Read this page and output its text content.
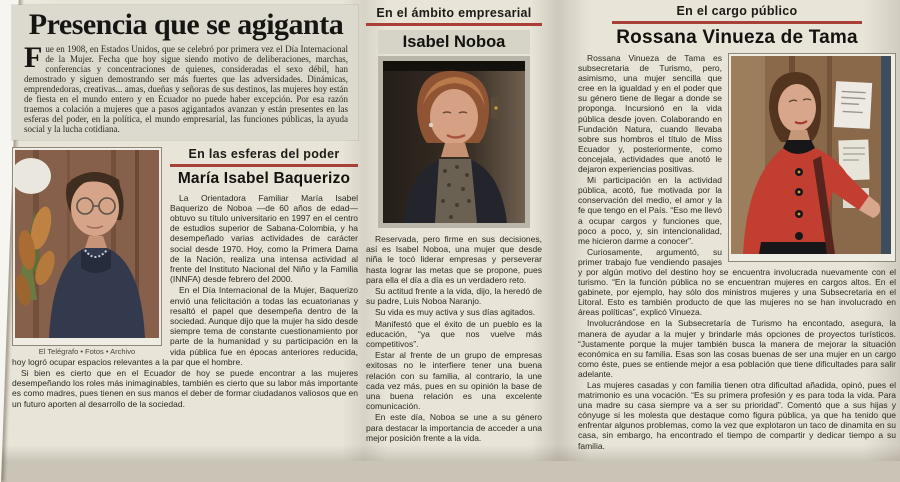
Presencia que se agiganta
Fue en 1908, en Estados Unidos, que se celebró por primera vez el Día Internacional de la Mujer. Fecha que hoy sigue siendo motivo de deliberaciones, marchas, conferencias y concentraciones de quienes, consideradas el sexo débil, han demostrado y siguen demostrando ser más fuertes que las adversidades. Dinámicas, emprendedoras, creativas... amas, dueñas y señoras de sus destinos, las mujeres hoy están de fiesta en el mundo entero y en Ecuador no puede haber excepción. Por esa razón traemos a colación a mujeres que a pasos agigantados avanzan y están presentes en las esferas del poder, en la política, el mundo empresarial, las funciones públicas, la ayuda social y la lucha cotidiana.
El Telégrafo • Fotos • Archivo
En las esferas del poder
María Isabel Baquerizo

La Orientadora Familiar María Isabel Baquerizo de Noboa —de 60 años de edad— obtuvo su título universitario en 1997 en el centro de estudios superior de Sabana-Colombia, y ha desempeñado varias actividades de carácter social desde 1970. Hoy, como la Primera Dama de la Nación, realiza una intensa actividad al frente del Instituto Nacional del Niño y la Familia (INNFA) desde febrero del 2000.

En el Día Internacional de la Mujer, Baquerizo envió una felicitación a todas las ecuatorianas y resaltó el papel que desempeña dentro de la sociedad. Aunque dijo que la mujer ha sido desde siempre tema de constante cuestionamiento por parte de la humanidad y su participación en la vida pública fue en épocas anteriores reducida, hoy logró ocupar espacios relevantes a la par que el hombre.

Si bien es cierto que en el Ecuador de hoy se puede encontrar a las mujeres desempeñando los roles más inimaginables, también es cierto que su labor más importante es como madres, pues tienen en sus manos el deber de formar ciudadanos valiosos que en un futuro aporten al desarrollo de la sociedad.

En el ámbito empresarial
Isabel Noboa

Reservada, pero firme en sus decisiones, así es Isabel Noboa, una mujer que desde niña le tocó liderar empresas y perseverar hasta lograr las metas que se propone, pues para ella el día a día es un verdadero reto.

Su actitud frente a la vida, dijo, la heredó de su padre, Luis Noboa Naranjo.

Su vida es muy activa y sus días agitados.

Manifestó que el éxito de un pueblo es la educación, “ya que nos vuelve más competitivos”.

Estar al frente de un grupo de empresas exitosas no le interfiere tener una buena relación con su familia, al contrario, la une cada vez más, pues en su opinión la base de una buena relación es una excelente comunicación.

En este día, Noboa se une a su género para destacar la importancia de acceder a una mejor posición frente a la vida.

En el cargo público
Rossana Vinueza de Tama

Rossana Vinueza de Tama es subsecretaria de Turismo, pero, asimismo, una mujer sencilla que cree en la igualdad y en el poder que su género tiene de llegar a donde se proponga. Incursionó en la vida pública desde joven. Colaborando en Fundación Natura, cuando llevaba sobre sus hombros el título de Miss Ecuador y, posteriormente, como concejala, actividades que anotó le dejaron experiencias positivas.

Mi participación en la actividad pública, acotó, fue motivada por la conservación del medio, el amor y la fe que tengo en el País. “Eso me llevó a ocupar cargos y funciones que, poco a poco, y, sin intencionalidad, me hicieron darme a conocer”.

Curiosamente, argumentó, su primer trabajo fue vendiendo pasajes y por algún motivo del destino hoy se encuentra involucrada nuevamente con el turismo. “En la función pública no se encuentran mujeres en cargos altos. En el gabinete, por ejemplo, hay sólo dos ministros mujeres y una Subsecretaria en el Litoral. Esto es también producto de que las mujeres no se han involucrado en áreas políticas”, explicó Vinueza.

Involucrándose en la Subsecretaría de Turismo ha encontado, asegura, la manera de ayudar a la mujer y brindarle más opciones de proyectos turísticos. “Justamente porque la mujer también busca la manera de mejorar la situación económica en su familia. Esas son las cosas buenas de ser una mujer en un cargo como éste, pues se entiende mejor a esa población que tiene dificultades para salir adelante.

Las mujeres casadas y con familia tienen otra dificultad añadida, opinó, pues el matrimonio es una vocación. “Es su primera profesión y es para toda la vida. Para una madre su casa siempre va a ser su prioridad”. Comentó que a sus hijas y cónyuge si les molesta que destaque como figura pública, ya que ha tenido que enfrentar algunos problemas, como la vez que explotaron un taco de dinamita en su casa, sin embargo, ha encontrado el tiempo de compartir y dedicar tiempo a su familia.
